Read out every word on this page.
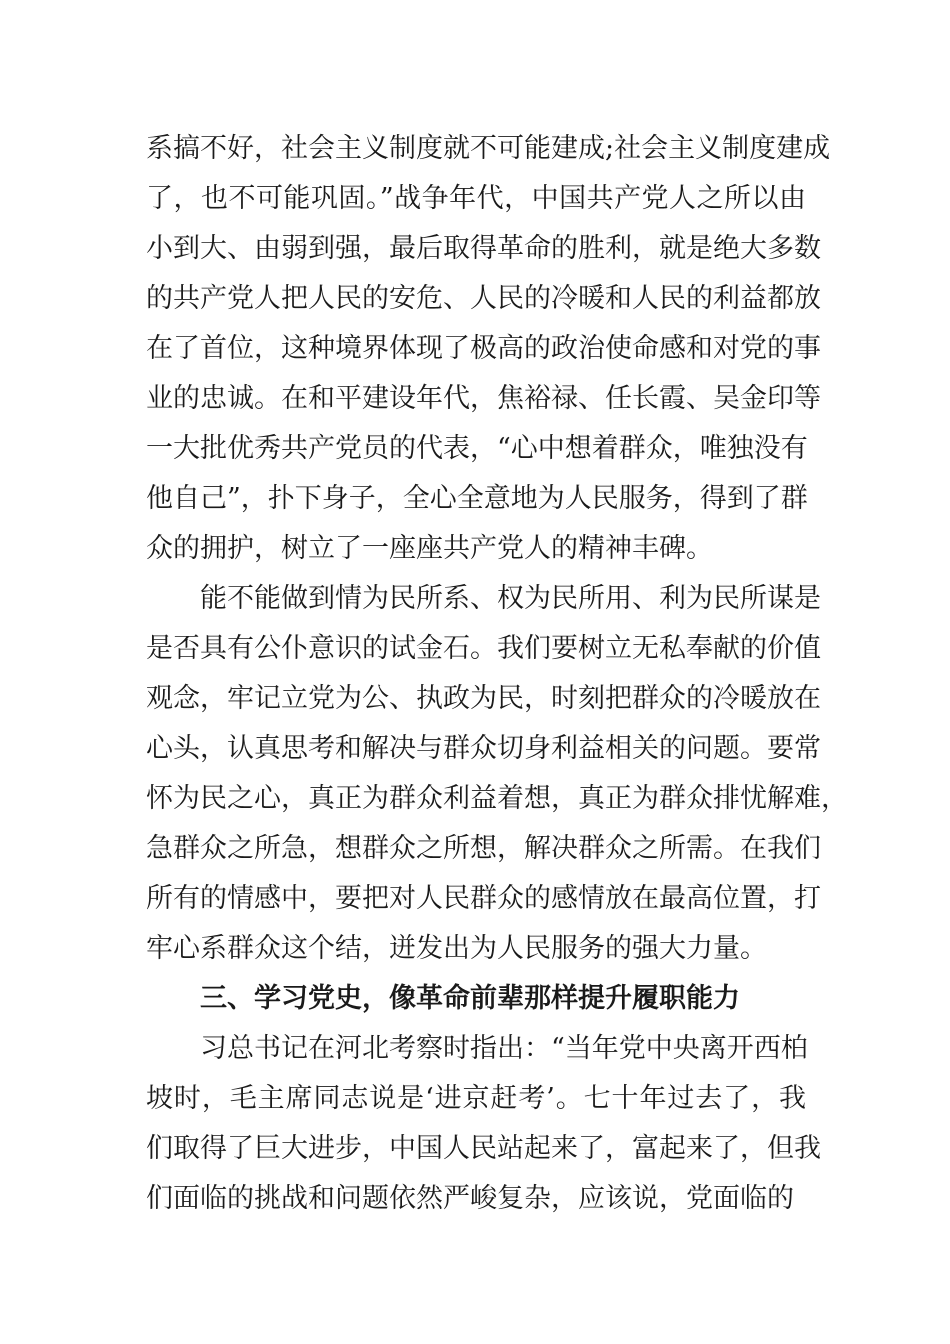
系搞不好，社会主义制度就不可能建成;社会主义制度建成
了，也不可能巩固。”战争年代，中国共产党人之所以由
小到大、由弱到强，最后取得革命的胜利，就是绝大多数
的共产党人把人民的安危、人民的冷暖和人民的利益都放
在了首位，这种境界体现了极高的政治使命感和对党的事
业的忠诚。在和平建设年代，焦裕禄、任长霞、吴金印等
一大批优秀共产党员的代表，“心中想着群众，唯独没有
他自己”，扑下身子，全心全意地为人民服务，得到了群
众的拥护，树立了一座座共产党人的精神丰碑。
能不能做到情为民所系、权为民所用、利为民所谋是
是否具有公仆意识的试金石。我们要树立无私奉献的价值
观念，牢记立党为公、执政为民，时刻把群众的冷暖放在
心头，认真思考和解决与群众切身利益相关的问题。要常
怀为民之心，真正为群众利益着想，真正为群众排忧解难，
急群众之所急，想群众之所想，解决群众之所需。在我们
所有的情感中，要把对人民群众的感情放在最高位置，打
牢心系群众这个结，迸发出为人民服务的强大力量。
三、学习党史，像革命前辈那样提升履职能力
习总书记在河北考察时指出：“当年党中央离开西柏
坡时，毛主席同志说是‘进京赶考’。七十年过去了，我
们取得了巨大进步，中国人民站起来了，富起来了，但我
们面临的挑战和问题依然严峻复杂，应该说，党面临的
